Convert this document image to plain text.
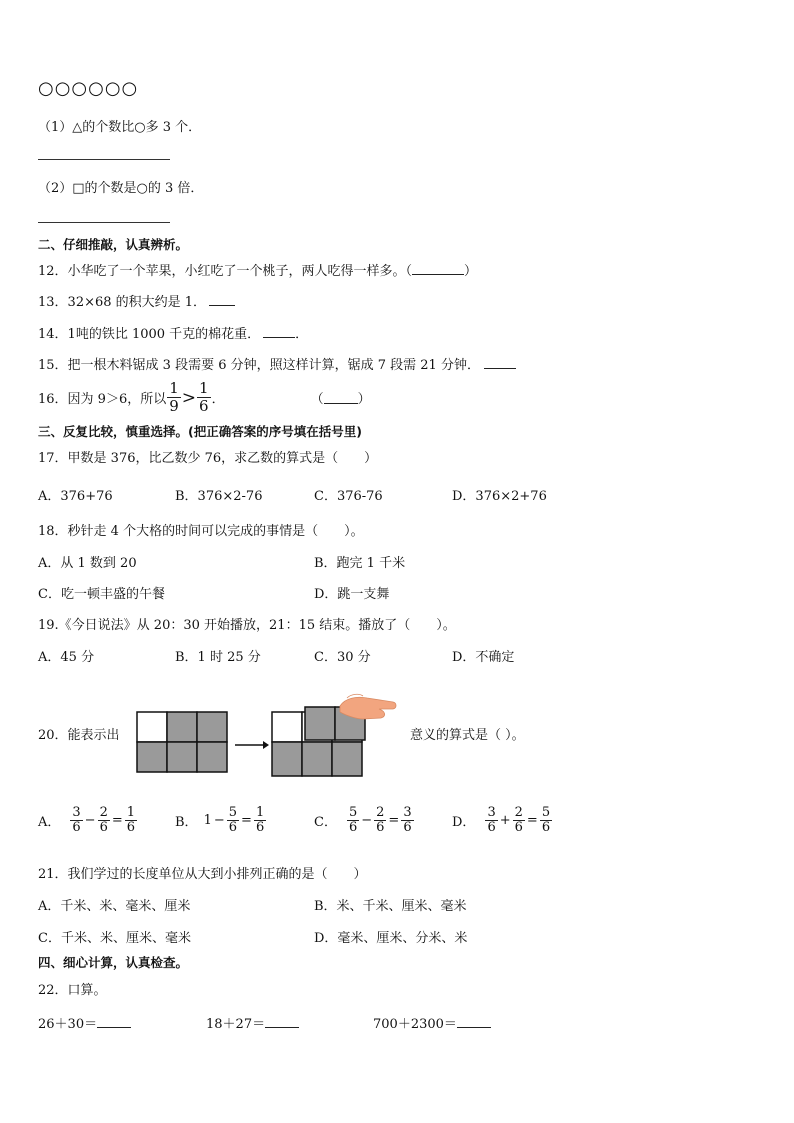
○○○○○○
（1）△的个数比○多 3 个．
（2）□的个数是○的 3 倍．
二、仔细推敲，认真辨析。
12．小华吃了一个苹果，小红吃了一个桃子，两人吃得一样多。（	）
13．32×68 的积大约是 1．
14．1吨的铁比 1000 千克的棉花重．	．
15．把一根木料锯成 3 段需要 6 分钟，照这样计算，锯成 7 段需 21 分钟．
16．因为 9＞6，所以 $\frac{1}{9} > \frac{1}{6}$ ．	（	）
三、反复比较，慎重选择。(把正确答案的序号填在括号里)
17．甲数是 376，比乙数少 76，求乙数的算式是（　　）
A．376+76	B．376×2-76	C．376-76	D．376×2+76
18．秒针走 4 个大格的时间可以完成的事情是（　　）。
A．从 1 数到 20	B．跑完 1 千米
C．吃一顿丰盛的午餐	D．跳一支舞
19.《今日说法》从 20：30 开始播放，21：15 结束。播放了（　　）。
A．45 分	B．1 时 25 分	C．30 分	D．不确定
20．能表示出	意义的算式是（ ）。
A． $\frac{3}{6} - \frac{2}{6} = \frac{1}{6}$	B． $1 - \frac{5}{6} = \frac{1}{6}$	C． $\frac{5}{6} - \frac{2}{6} = \frac{3}{6}$	D． $\frac{3}{6} + \frac{2}{6} = \frac{5}{6}$
21．我们学过的长度单位从大到小排列正确的是（　　）
A．千米、米、毫米、厘米	B．米、千米、厘米、毫米
C．千米、米、厘米、毫米	D．毫米、厘米、分米、米
四、细心计算，认真检查。
22．口算。
26＋30＝	18＋27＝	700＋2300＝
